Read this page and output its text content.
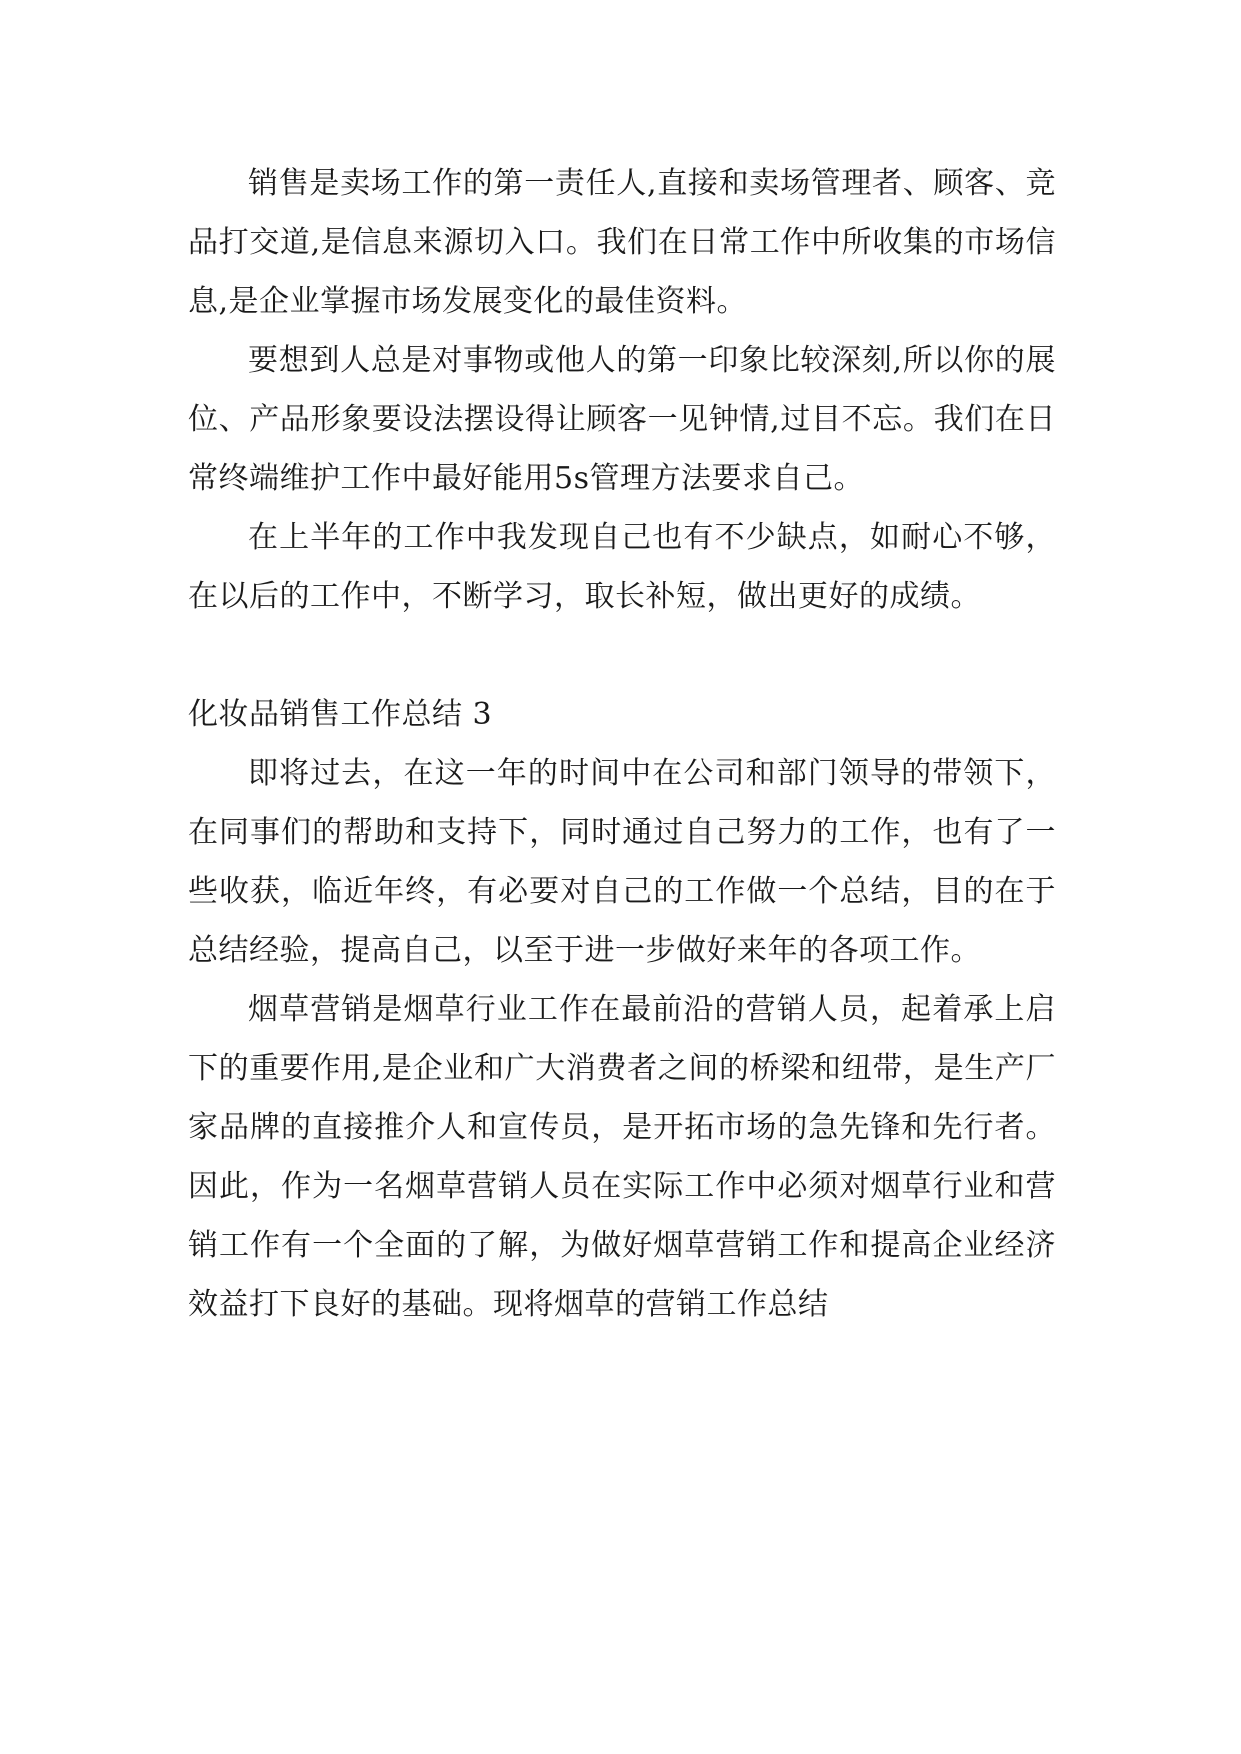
销售是卖场工作的第一责任人,直接和卖场管理者、顾客、竞品打交道,是信息来源切入口。我们在日常工作中所收集的市场信息,是企业掌握市场发展变化的最佳资料。

要想到人总是对事物或他人的第一印象比较深刻,所以你的展位、产品形象要设法摆设得让顾客一见钟情,过目不忘。我们在日常终端维护工作中最好能用5s管理方法要求自己。

在上半年的工作中我发现自己也有不少缺点，如耐心不够，在以后的工作中，不断学习，取长补短，做出更好的成绩。

化妆品销售工作总结 3

即将过去，在这一年的时间中在公司和部门领导的带领下，在同事们的帮助和支持下，同时通过自己努力的工作，也有了一些收获，临近年终，有必要对自己的工作做一个总结，目的在于总结经验，提高自己，以至于进一步做好来年的各项工作。

烟草营销是烟草行业工作在最前沿的营销人员，起着承上启下的重要作用,是企业和广大消费者之间的桥梁和纽带，是生产厂家品牌的直接推介人和宣传员，是开拓市场的急先锋和先行者。因此，作为一名烟草营销人员在实际工作中必须对烟草行业和营销工作有一个全面的了解，为做好烟草营销工作和提高企业经济效益打下良好的基础。现将烟草的营销工作总结
